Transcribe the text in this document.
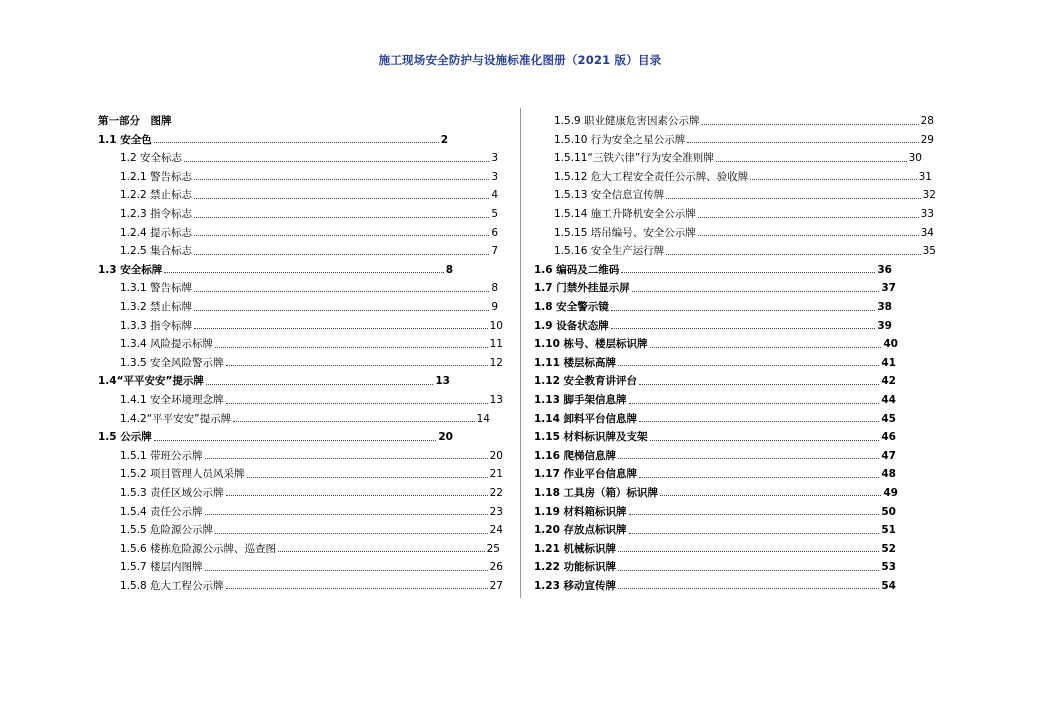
施工现场安全防护与设施标准化图册（2021 版）目录
第一部分　图牌
1.1 安全色	2
1.2 安全标志	3
1.2.1 警告标志	3
1.2.2 禁止标志	4
1.2.3 指令标志	5
1.2.4 提示标志	6
1.2.5 集合标志	7
1.3 安全标牌	8
1.3.1 警告标牌	8
1.3.2 禁止标牌	9
1.3.3 指令标牌	10
1.3.4 风险提示标牌	11
1.3.5 安全风险警示牌	12
1.4“平平安安”提示牌	13
1.4.1 安全环境理念牌	13
1.4.2“平平安安”提示牌	14
1.5 公示牌	20
1.5.1 带班公示牌	20
1.5.2 项目管理人员风采牌	21
1.5.3 责任区域公示牌	22
1.5.4 责任公示牌	23
1.5.5 危险源公示牌	24
1.5.6 楼栋危险源公示牌、巡查图	25
1.5.7 楼层内图牌	26
1.5.8 危大工程公示牌	27
1.5.9 职业健康危害因素公示牌	28
1.5.10 行为安全之星公示牌	29
1.5.11“三铁六律”行为安全准则牌	30
1.5.12 危大工程安全责任公示牌、验收牌	31
1.5.13 安全信息宣传牌	32
1.5.14 施工升降机安全公示牌	33
1.5.15 塔吊编号、安全公示牌	34
1.5.16 安全生产运行牌	35
1.6 编码及二维码	36
1.7 门禁外挂显示屏	37
1.8 安全警示镜	38
1.9 设备状态牌	39
1.10 栋号、楼层标识牌	40
1.11 楼层标高牌	41
1.12 安全教育讲评台	42
1.13 脚手架信息牌	44
1.14 卸料平台信息牌	45
1.15 材料标识牌及支架	46
1.16 爬梯信息牌	47
1.17 作业平台信息牌	48
1.18 工具房（箱）标识牌	49
1.19 材料箱标识牌	50
1.20 存放点标识牌	51
1.21 机械标识牌	52
1.22 功能标识牌	53
1.23 移动宣传牌	54
